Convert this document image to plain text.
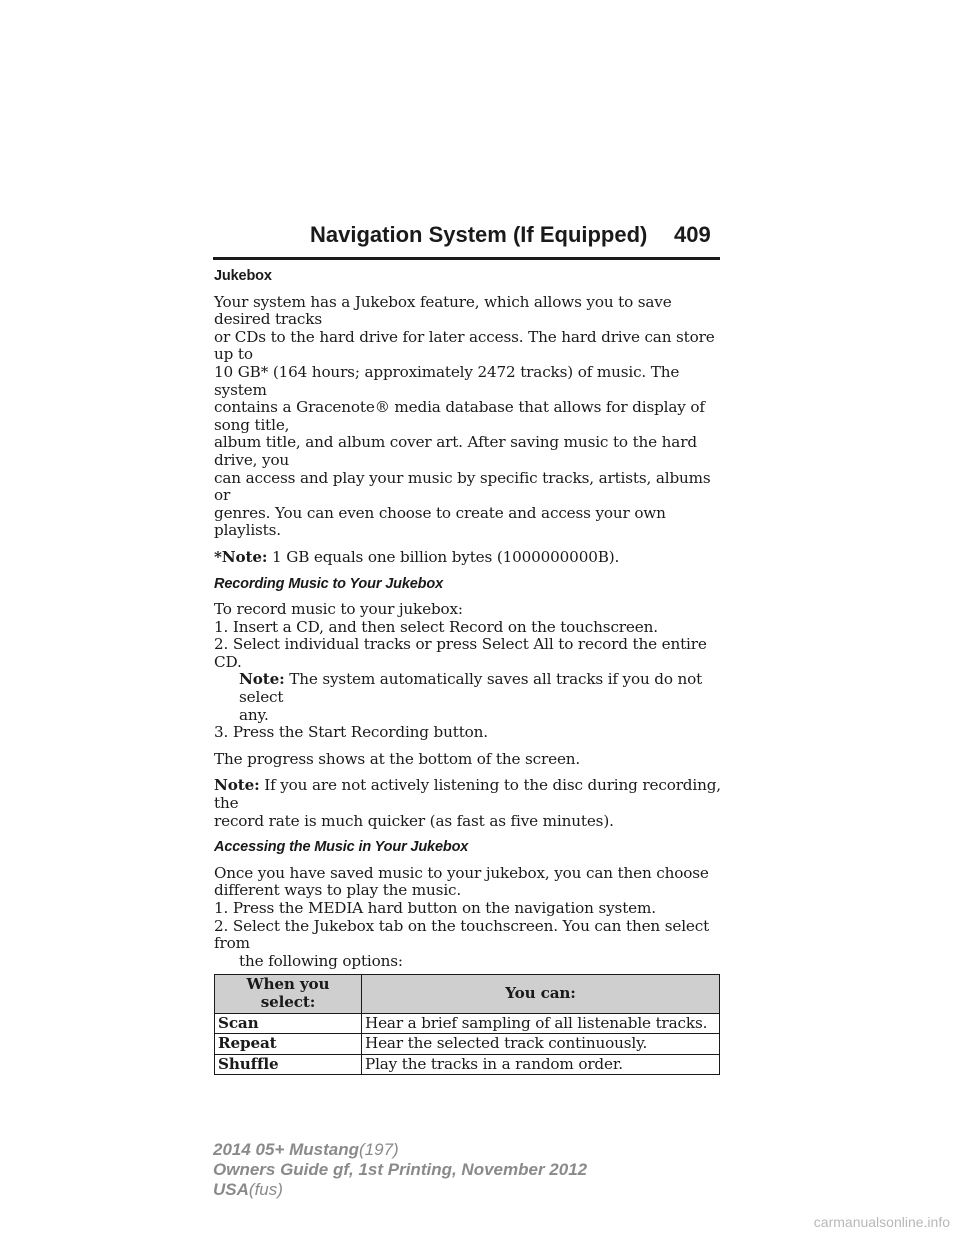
Navigation System (If Equipped) 409
Jukebox

Your system has a Jukebox feature, which allows you to save desired tracks
or CDs to the hard drive for later access. The hard drive can store up to
10 GB* (164 hours; approximately 2472 tracks) of music. The system
contains a Gracenote® media database that allows for display of song title,
album title, and album cover art. After saving music to the hard drive, you
can access and play your music by specific tracks, artists, albums or
genres. You can even choose to create and access your own playlists.

*Note: 1 GB equals one billion bytes (1000000000B).

Recording Music to Your Jukebox
To record music to your jukebox:
1. Insert a CD, and then select Record on the touchscreen.
2. Select individual tracks or press Select All to record the entire CD.
Note: The system automatically saves all tracks if you do not select
any.
3. Press the Start Recording button.

The progress shows at the bottom of the screen.

Note: If you are not actively listening to the disc during recording, the
record rate is much quicker (as fast as five minutes).

Accessing the Music in Your Jukebox
Once you have saved music to your jukebox, you can then choose
different ways to play the music.
1. Press the MEDIA hard button on the navigation system.
2. Select the Jukebox tab on the touchscreen. You can then select from
the following options:
When you select:	You can:
Scan	Hear a brief sampling of all listenable tracks.
Repeat	Hear the selected track continuously.
Shuffle	Play the tracks in a random order.
2014 05+ Mustang(197)
Owners Guide gf, 1st Printing, November 2012
USA(fus)
carmanualsonline.info
